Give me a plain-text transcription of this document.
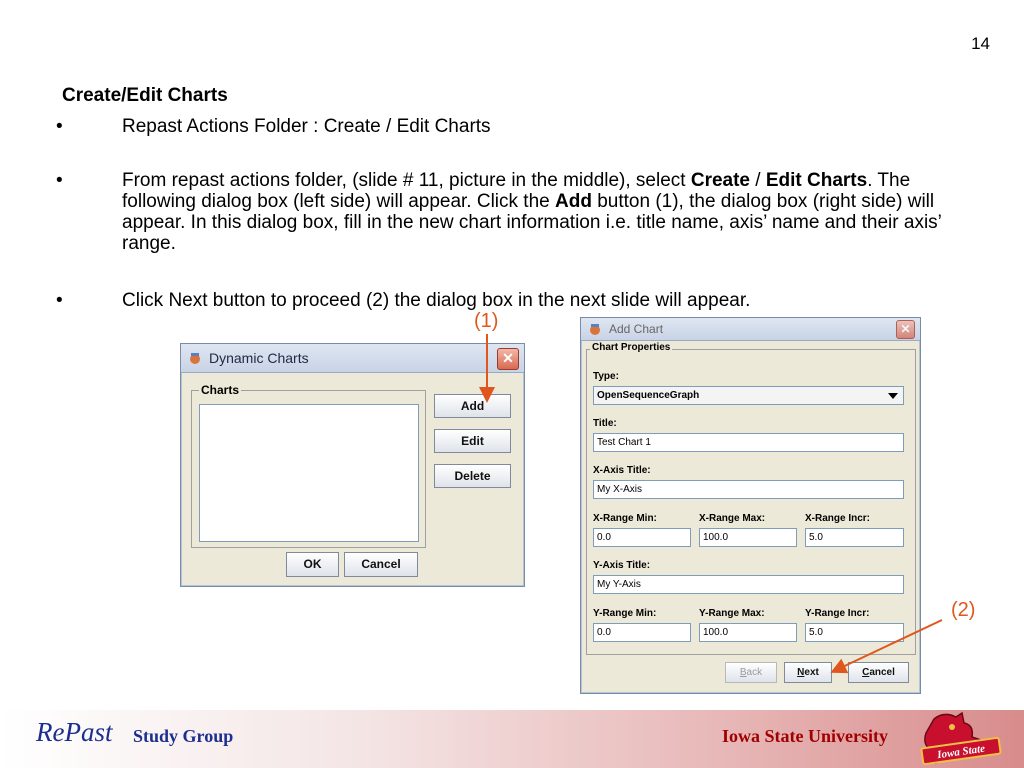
14
Create/Edit Charts
•	Repast Actions Folder : Create / Edit Charts
•	From repast actions folder, (slide # 11, picture in the middle), select Create / Edit Charts. The following dialog box (left side) will appear. Click the Add button (1), the dialog box (right side) will appear. In this dialog box, fill in the new chart information i.e. title name, axis’ name and their axis’ range.
•	Click Next button to proceed (2) the dialog box in the next slide will appear.
Dynamic Charts	✕
Charts
Add
Edit
Delete
OK	Cancel
Add Chart	✕
Chart Properties
Type:
OpenSequenceGraph
Title:
Test Chart 1
X-Axis Title:
My X-Axis
X-Range Min:	X-Range Max:	X-Range Incr:
0.0	100.0	5.0
Y-Axis Title:
My Y-Axis
Y-Range Min:	Y-Range Max:	Y-Range Incr:
0.0	100.0	5.0
Back	Next	Cancel
(1)
(2)
RePast Study Group	Iowa State University
Iowa State
